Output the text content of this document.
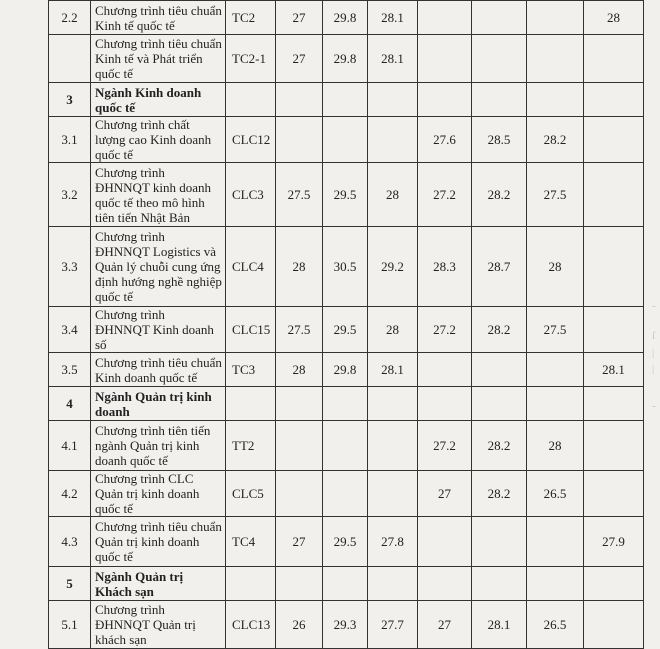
2.2	Chương trình tiêu chuẩn Kinh tế quốc tế	TC2	27	29.8	28.1				28
	Chương trình tiêu chuẩn Kinh tế và Phát triển quốc tế	TC2-1	27	29.8	28.1				
3	Ngành Kinh doanh quốc tế								
3.1	Chương trình chất lượng cao Kinh doanh quốc tế	CLC12				27.6	28.5	28.2	
3.2	Chương trình ĐHNNQT kinh doanh quốc tế theo mô hình tiên tiến Nhật Bản	CLC3	27.5	29.5	28	27.2	28.2	27.5	
3.3	Chương trình ĐHNNQT Logistics và Quản lý chuỗi cung ứng định hướng nghề nghiệp quốc tế	CLC4	28	30.5	29.2	28.3	28.7	28	
3.4	Chương trình ĐHNNQT Kinh doanh số	CLC15	27.5	29.5	28	27.2	28.2	27.5	
3.5	Chương trình tiêu chuẩn Kinh doanh quốc tế	TC3	28	29.8	28.1				28.1
4	Ngành Quản trị kinh doanh								
4.1	Chương trình tiên tiến ngành Quản trị kinh doanh quốc tế	TT2				27.2	28.2	28	
4.2	Chương trình CLC Quản trị kinh doanh quốc tế	CLC5				27	28.2	26.5	
4.3	Chương trình tiêu chuẩn Quản trị kinh doanh quốc tế	TC4	27	29.5	27.8				27.9
5	Ngành Quản trị Khách sạn								
5.1	Chương trình ĐHNNQT Quản trị khách sạn	CLC13	26	29.3	27.7	27	28.1	26.5	
-
ſ
|
|
-
